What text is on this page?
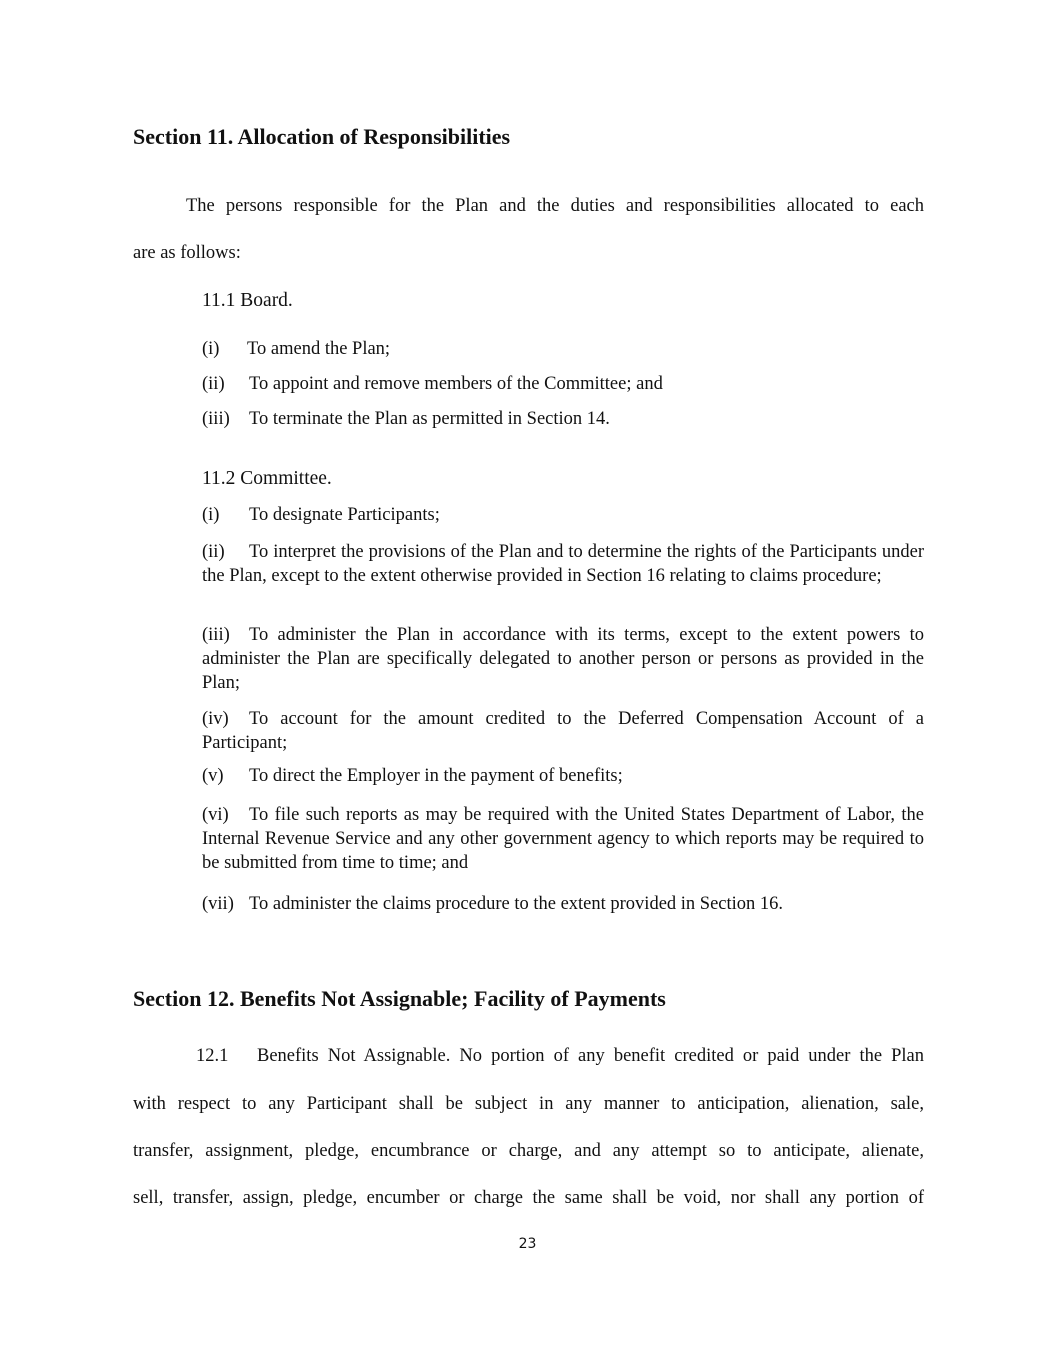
Section 11. Allocation of Responsibilities
The persons responsible for the Plan and the duties and responsibilities allocated to each
are as follows:
11.1 Board.
(i) To amend the Plan;
(ii) To appoint and remove members of the Committee; and
(iii) To terminate the Plan as permitted in Section 14.
11.2 Committee.
(i) To designate Participants;
(ii) To interpret the provisions of the Plan and to determine the rights of the Participants under the Plan, except to the extent otherwise provided in Section 16 relating to claims procedure;
(iii) To administer the Plan in accordance with its terms, except to the extent powers to administer the Plan are specifically delegated to another person or persons as provided in the Plan;
(iv) To account for the amount credited to the Deferred Compensation Account of a Participant;
(v) To direct the Employer in the payment of benefits;
(vi) To file such reports as may be required with the United States Department of Labor, the Internal Revenue Service and any other government agency to which reports may be required to be submitted from time to time; and
(vii) To administer the claims procedure to the extent provided in Section 16.
Section 12. Benefits Not Assignable; Facility of Payments
12.1 Benefits Not Assignable. No portion of any benefit credited or paid under the Plan
with respect to any Participant shall be subject in any manner to anticipation, alienation, sale,
transfer, assignment, pledge, encumbrance or charge, and any attempt so to anticipate, alienate,
sell, transfer, assign, pledge, encumber or charge the same shall be void, nor shall any portion of
23
